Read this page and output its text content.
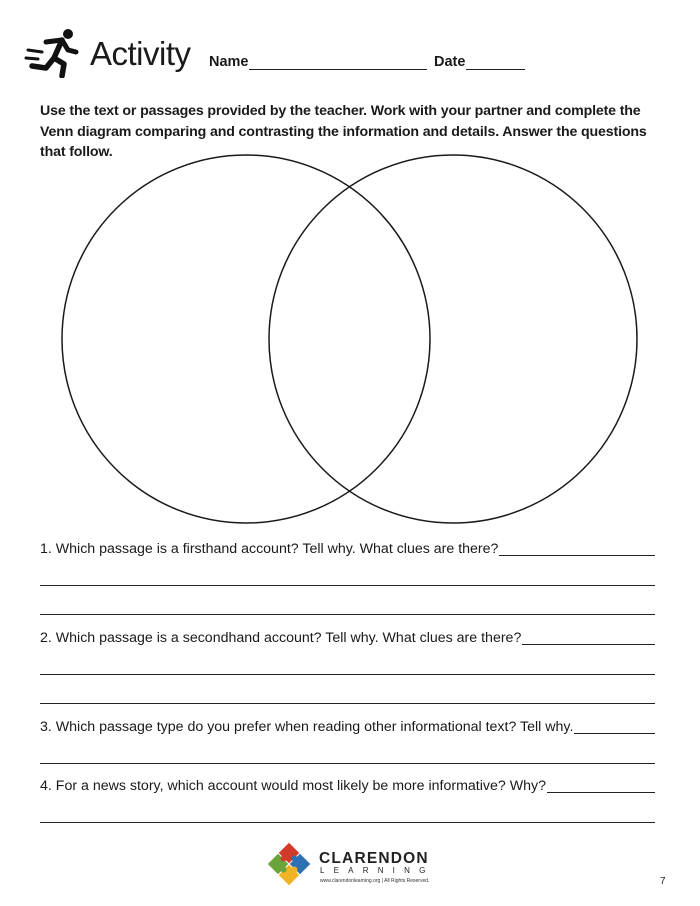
Activity Name	Date
Use the text or passages provided by the teacher. Work with your partner and complete the Venn diagram comparing and contrasting the information and details. Answer the questions that follow.
1. Which passage is a firsthand account? Tell why. What clues are there?
2. Which passage is a secondhand account? Tell why. What clues are there?
3. Which passage type do you prefer when reading other informational text? Tell why.
4. For a news story, which account would most likely be more informative? Why?
CLARENDON
LEARNING
www.clarendonlearning.org | All Rights Reserved.	7
